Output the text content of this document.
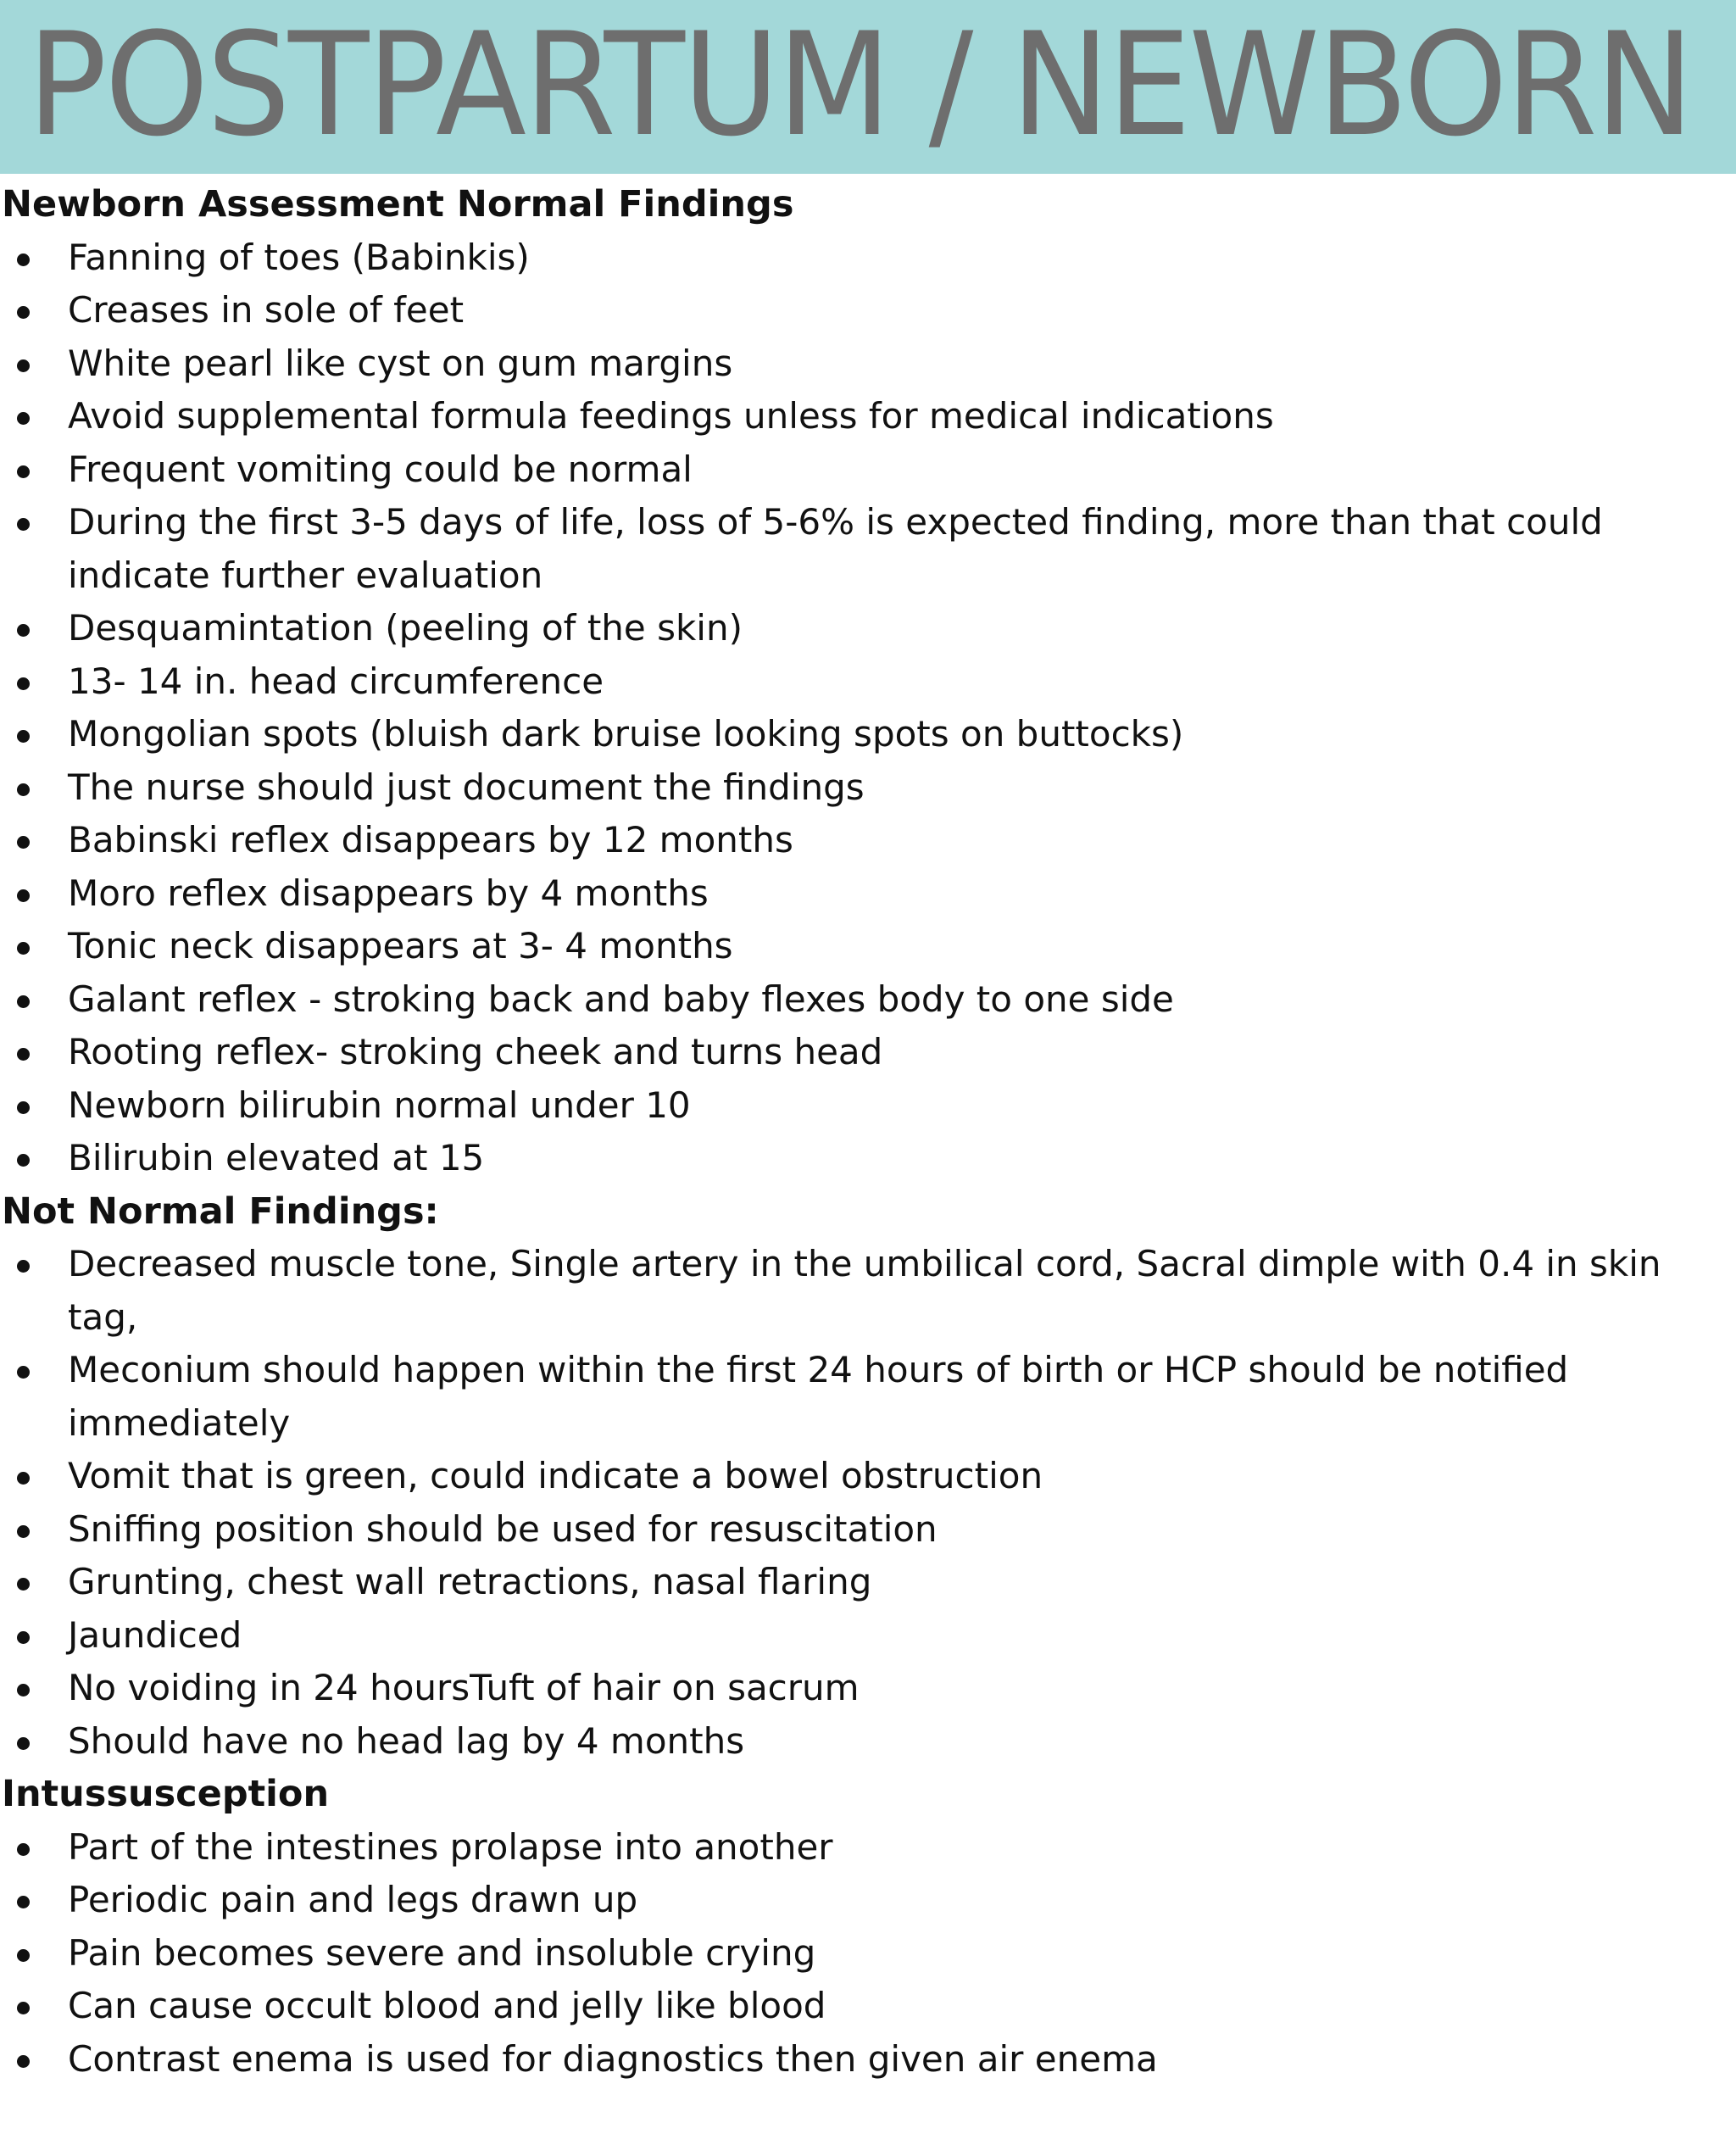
POSTPARTUM / NEWBORN
Newborn Assessment Normal Findings
Fanning of toes (Babinkis)
Creases in sole of feet
White pearl like cyst on gum margins
Avoid supplemental formula feedings unless for medical indications
Frequent vomiting could be normal
During the first 3-5 days of life, loss of 5-6% is expected finding, more than that could
indicate further evaluation
Desquamintation (peeling of the skin)
13- 14 in. head circumference
Mongolian spots (bluish dark bruise looking spots on buttocks)
The nurse should just document the findings
Babinski reflex disappears by 12 months
Moro reflex disappears by 4 months
Tonic neck disappears at 3- 4 months
Galant reflex - stroking back and baby flexes body to one side
Rooting reflex- stroking cheek and turns head
Newborn bilirubin normal under 10
Bilirubin elevated at 15
Not Normal Findings:
Decreased muscle tone, Single artery in the umbilical cord, Sacral dimple with 0.4 in skin
tag,
Meconium should happen within the first 24 hours of birth or HCP should be notified
immediately
Vomit that is green, could indicate a bowel obstruction
Sniffing position should be used for resuscitation
Grunting, chest wall retractions, nasal flaring
Jaundiced
No voiding in 24 hoursTuft of hair on sacrum
Should have no head lag by 4 months
Intussusception
Part of the intestines prolapse into another
Periodic pain and legs drawn up
Pain becomes severe and insoluble crying
Can cause occult blood and jelly like blood
Contrast enema is used for diagnostics then given air enema
